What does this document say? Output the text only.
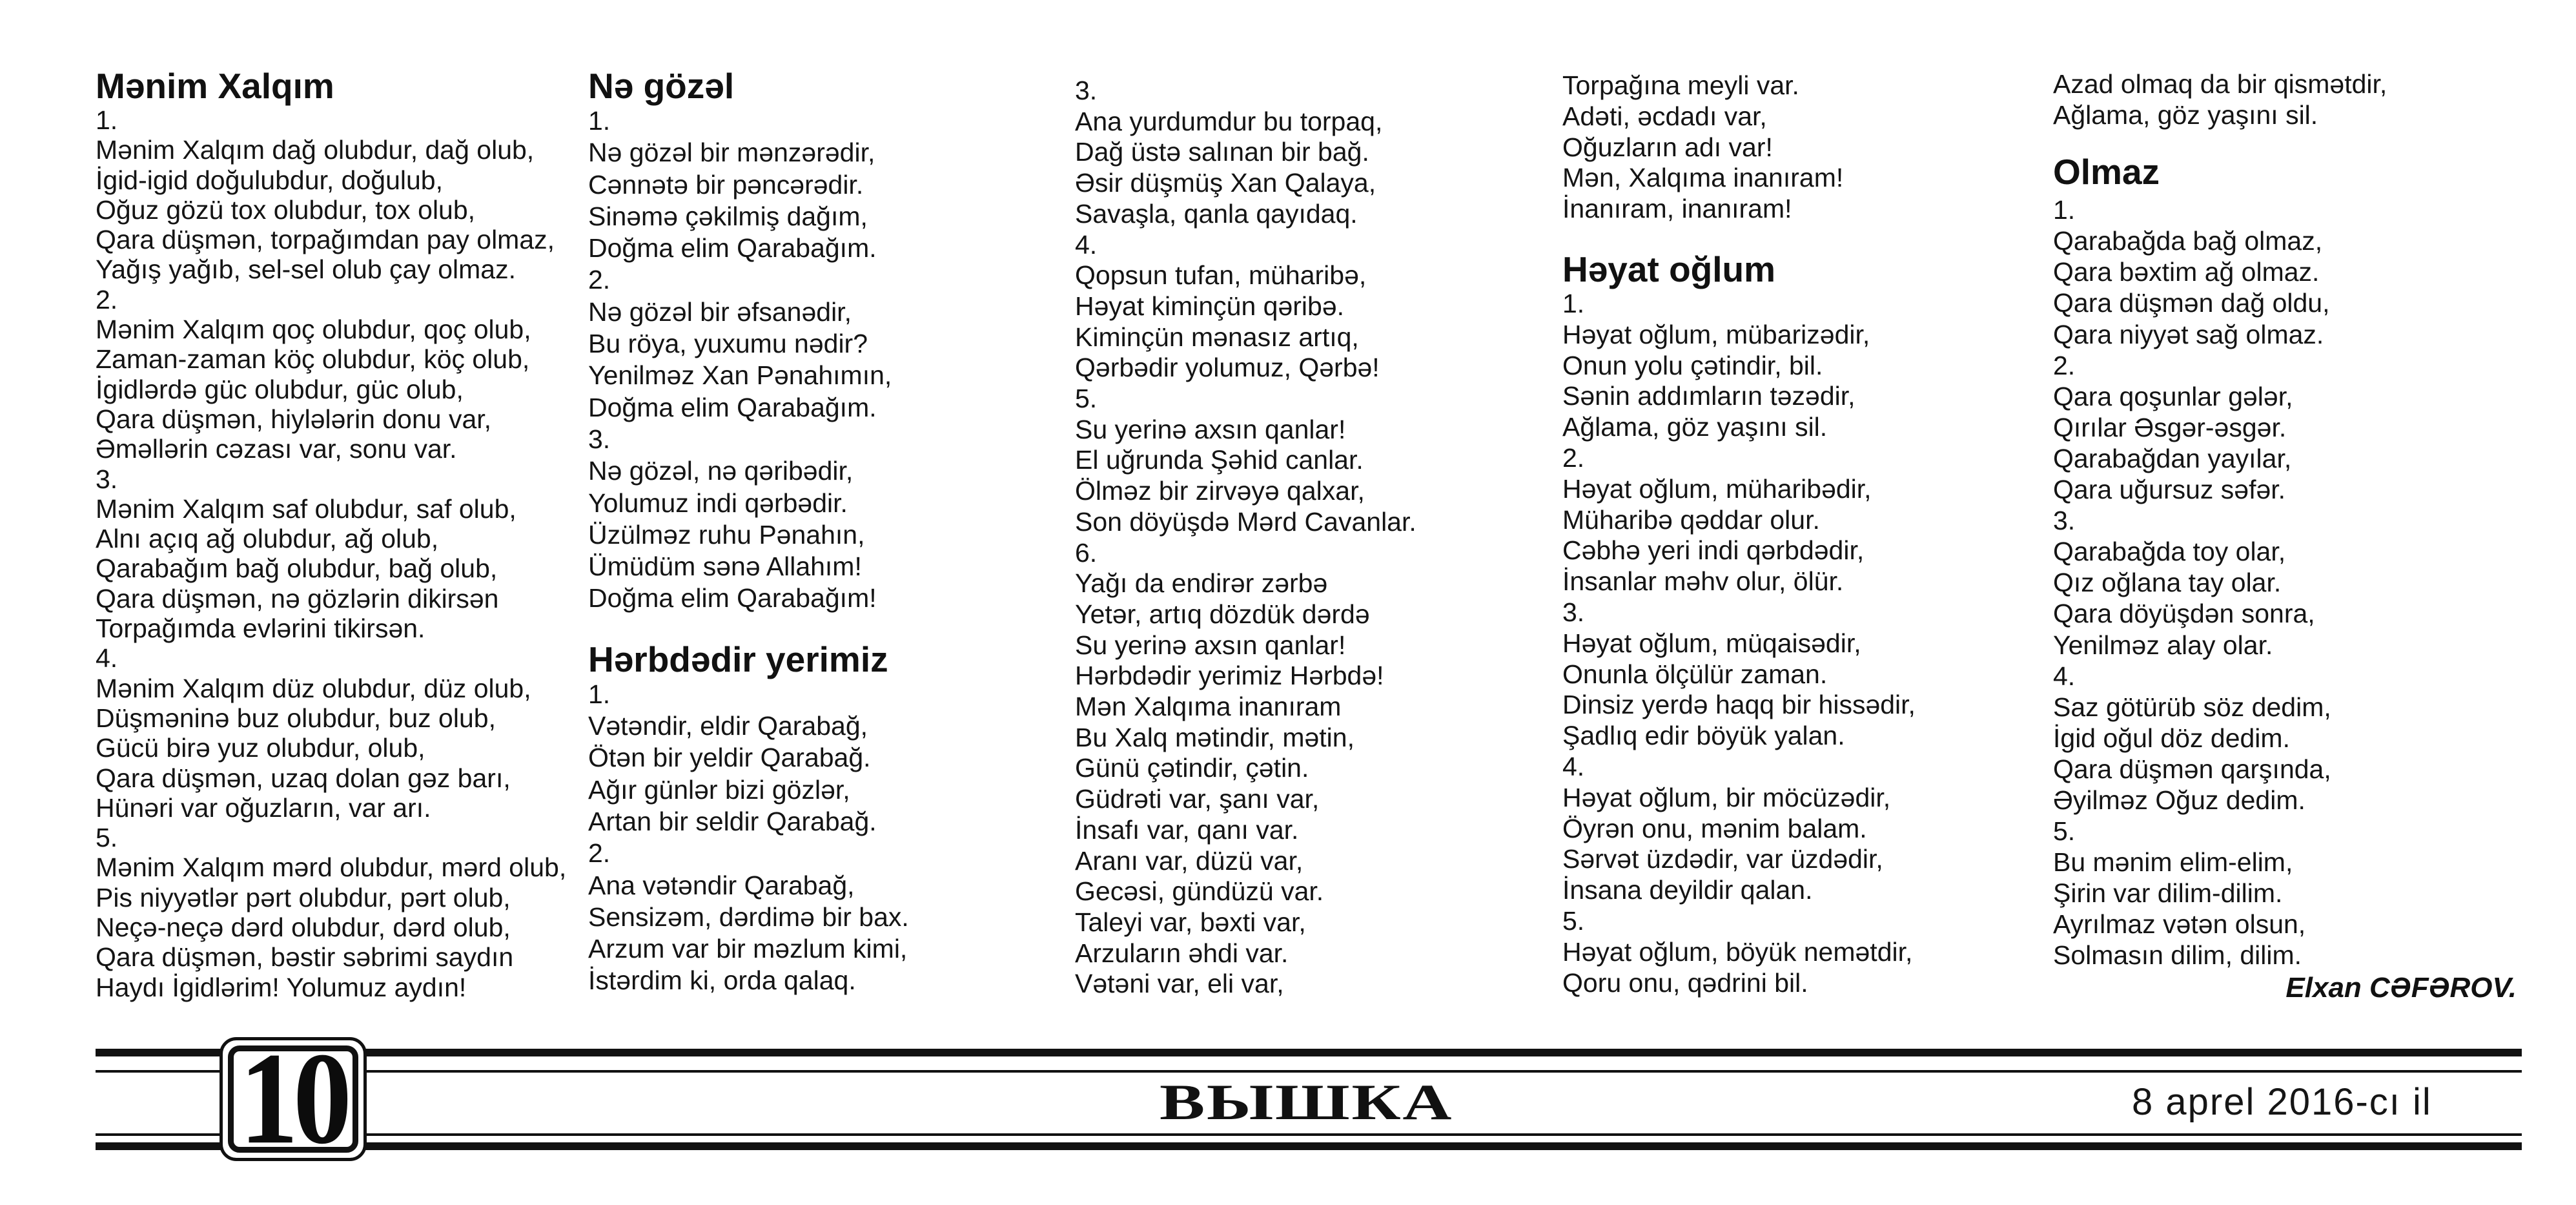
Mənim Xalqım
1.
Mənim Xalqım dağ olubdur, dağ olub,
İgid-igid doğulubdur, doğulub,
Oğuz gözü tox olubdur, tox olub,
Qara düşmən, torpağımdan pay olmaz,
Yağış yağıb, sel-sel olub çay olmaz.
2.
Mənim Xalqım qoç olubdur, qoç olub,
Zaman-zaman köç olubdur, köç olub,
İgidlərdə güc olubdur, güc olub,
Qara düşmən, hiylələrin donu var,
Əməllərin cəzası var, sonu var.
3.
Mənim Xalqım saf olubdur, saf olub,
Alnı açıq ağ olubdur, ağ olub,
Qarabağım bağ olubdur, bağ olub,
Qara düşmən, nə gözlərin dikirsən
Torpağımda evlərini tikirsən.
4.
Mənim Xalqım düz olubdur, düz olub,
Düşməninə buz olubdur, buz olub,
Gücü birə yuz olubdur, olub,
Qara düşmən, uzaq dolan gəz barı,
Hünəri var oğuzların, var arı.
5.
Mənim Xalqım mərd olubdur, mərd olub,
Pis niyyətlər pərt olubdur, pərt olub,
Neçə-neçə dərd olubdur, dərd olub,
Qara düşmən, bəstir səbrimi saydın
Haydı İgidlərim! Yolumuz aydın!
Nə gözəl
1.
Nə gözəl bir mənzərədir,
Cənnətə bir pəncərədir.
Sinəmə çəkilmiş dağım,
Doğma elim Qarabağım.
2.
Nə gözəl bir əfsanədir,
Bu röya, yuxumu nədir?
Yenilməz Xan Pənahımın,
Doğma elim Qarabağım.
3.
Nə gözəl, nə qəribədir,
Yolumuz indi qərbədir.
Üzülməz ruhu Pənahın,
Ümüdüm sənə Allahım!
Doğma elim Qarabağım!
Hərbdədir yerimiz
1.
Vətəndir, eldir Qarabağ,
Ötən bir yeldir Qarabağ.
Ağır günlər bizi gözlər,
Artan bir seldir Qarabağ.
2.
Ana vətəndir Qarabağ,
Sensizəm, dərdimə bir bax.
Arzum var bir məzlum kimi,
İstərdim ki, orda qalaq.
3.
Ana yurdumdur bu torpaq,
Dağ üstə salınan bir bağ.
Əsir düşmüş Xan Qalaya,
Savaşla, qanla qayıdaq.
4.
Qopsun tufan, müharibə,
Həyat kiminçün qəribə.
Kiminçün mənasız artıq,
Qərbədir yolumuz, Qərbə!
5.
Su yerinə axsın qanlar!
El uğrunda Şəhid canlar.
Ölməz bir zirvəyə qalxar,
Son döyüşdə Mərd Cavanlar.
6.
Yağı da endirər zərbə
Yetər, artıq dözdük dərdə
Su yerinə axsın qanlar!
Hərbdədir yerimiz Hərbdə!
Mən Xalqıma inanıram
Bu Xalq mətindir, mətin,
Günü çətindir, çətin.
Güdrəti var, şanı var,
İnsafı var, qanı var.
Aranı var, düzü var,
Gecəsi, gündüzü var.
Taleyi var, bəxti var,
Arzuların əhdi var.
Vətəni var, eli var,
Torpağına meyli var.
Adəti, əcdadı var,
Oğuzların adı var!
Mən, Xalqıma inanıram!
İnanıram, inanıram!
Həyat oğlum
1.
Həyat oğlum, mübarizədir,
Onun yolu çətindir, bil.
Sənin addımların təzədir,
Ağlama, göz yaşını sil.
2.
Həyat oğlum, müharibədir,
Müharibə qəddar olur.
Cəbhə yeri indi qərbdədir,
İnsanlar məhv olur, ölür.
3.
Həyat oğlum, müqaisədir,
Onunla ölçülür zaman.
Dinsiz yerdə haqq bir hissədir,
Şadlıq edir böyük yalan.
4.
Həyat oğlum, bir möcüzədir,
Öyrən onu, mənim balam.
Sərvət üzdədir, var üzdədir,
İnsana deyildir qalan.
5.
Həyat oğlum, böyük nemətdir,
Qoru onu, qədrini bil.
Azad olmaq da bir qismətdir,
Ağlama, göz yaşını sil.
Olmaz
1.
Qarabağda bağ olmaz,
Qara bəxtim ağ olmaz.
Qara düşmən dağ oldu,
Qara niyyət sağ olmaz.
2.
Qara qoşunlar gələr,
Qırılar Əsgər-əsgər.
Qarabağdan yayılar,
Qara uğursuz səfər.
3.
Qarabağda toy olar,
Qız oğlana tay olar.
Qara döyüşdən sonra,
Yenilməz alay olar.
4.
Saz götürüb söz dedim,
İgid oğul döz dedim.
Qara düşmən qarşında,
Əyilməz Oğuz dedim.
5.
Bu mənim elim-elim,
Şirin var dilim-dilim.
Ayrılmaz vətən olsun,
Solmasın dilim, dilim.
Elxan CƏFƏROV.
10	ВЫШКА	8 aprel 2016-cı il
